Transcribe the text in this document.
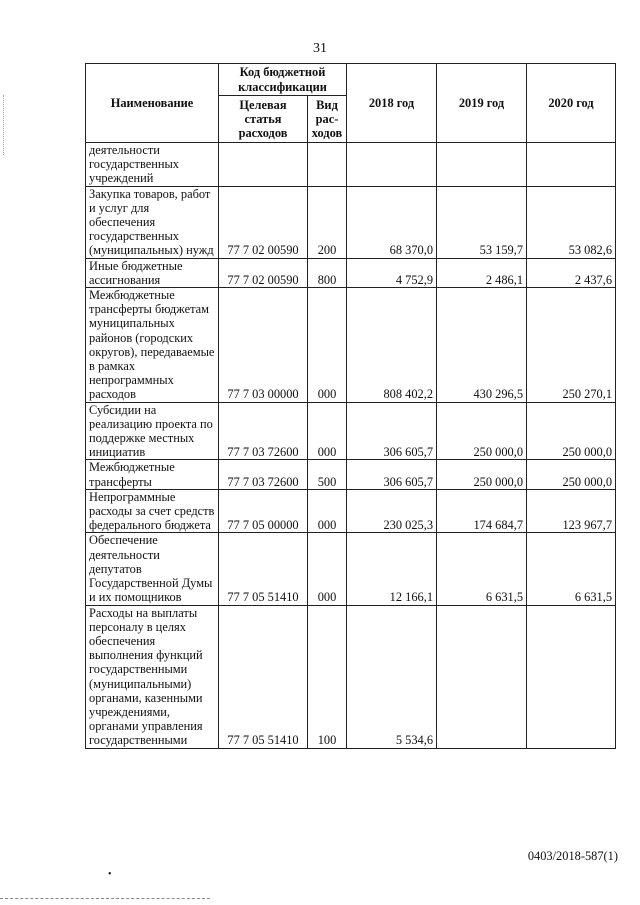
31
Наименование	Код бюджетной классификации		2018 год	2019 год	2020 год
	Целевая статья расходов	Вид рас-ходов			
деятельности государственных учреждений					
Закупка товаров, работ и услуг для обеспечения государственных (муниципальных) нужд	77 7 02 00590	200	68 370,0	53 159,7	53 082,6
Иные бюджетные ассигнования	77 7 02 00590	800	4 752,9	2 486,1	2 437,6
Межбюджетные трансферты бюджетам муниципальных районов (городских округов), передаваемые в рамках непрограммных расходов	77 7 03 00000	000	808 402,2	430 296,5	250 270,1
Субсидии на реализацию проекта по поддержке местных инициатив	77 7 03 72600	000	306 605,7	250 000,0	250 000,0
Межбюджетные трансферты	77 7 03 72600	500	306 605,7	250 000,0	250 000,0
Непрограммные расходы за счет средств федерального бюджета	77 7 05 00000	000	230 025,3	174 684,7	123 967,7
Обеспечение деятельности депутатов Государственной Думы и их помощников	77 7 05 51410	000	12 166,1	6 631,5	6 631,5
Расходы на выплаты персоналу в целях обеспечения выполнения функций государственными (муниципальными) органами, казенными учреждениями, органами управления государственными	77 7 05 51410	100	5 534,6		
0403/2018-587(1)
•
